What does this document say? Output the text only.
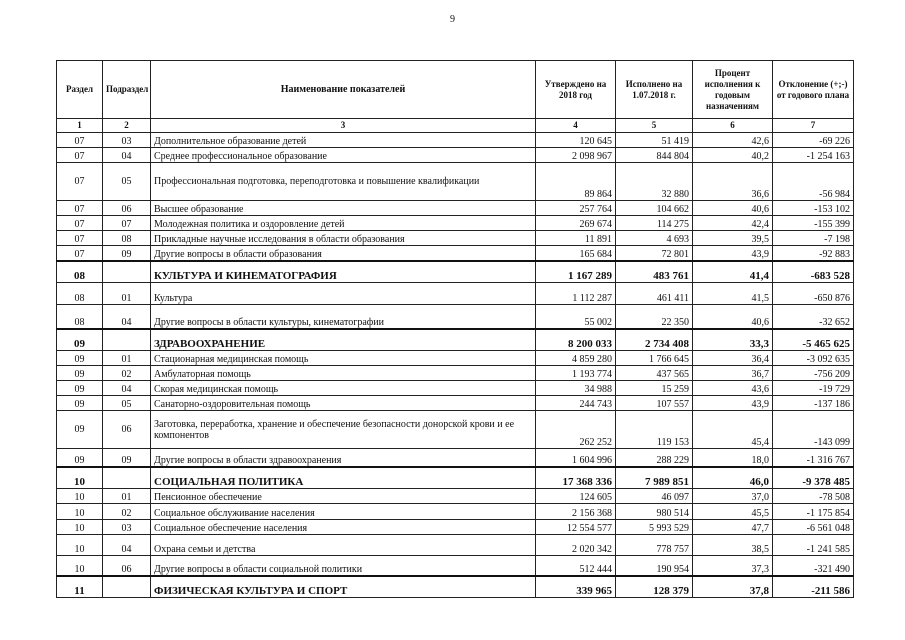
9
Раздел	Подраздел	Наименование показателей	Утверждено на 2018 год	Исполнено на 1.07.2018 г.	Процент исполнения к годовым назначениям	Отклонение (+;-) от годового плана
1	2	3	4	5	6	7
07	03	Дополнительное образование детей	120 645	51 419	42,6	-69 226
07	04	Среднее профессиональное образование	2 098 967	844 804	40,2	-1 254 163
07	05	Профессиональная подготовка, переподготовка и повышение квалификации	89 864	32 880	36,6	-56 984
07	06	Высшее образование	257 764	104 662	40,6	-153 102
07	07	Молодежная политика и оздоровление детей	269 674	114 275	42,4	-155 399
07	08	Прикладные научные исследования в области образования	11 891	4 693	39,5	-7 198
07	09	Другие вопросы в области образования	165 684	72 801	43,9	-92 883
08		КУЛЬТУРА И КИНЕМАТОГРАФИЯ	1 167 289	483 761	41,4	-683 528
08	01	Культура	1 112 287	461 411	41,5	-650 876
08	04	Другие вопросы в области культуры, кинематографии	55 002	22 350	40,6	-32 652
09		ЗДРАВООХРАНЕНИЕ	8 200 033	2 734 408	33,3	-5 465 625
09	01	Стационарная медицинская помощь	4 859 280	1 766 645	36,4	-3 092 635
09	02	Амбулаторная помощь	1 193 774	437 565	36,7	-756 209
09	04	Скорая медицинская помощь	34 988	15 259	43,6	-19 729
09	05	Санаторно-оздоровительная помощь	244 743	107 557	43,9	-137 186
09	06	Заготовка, переработка, хранение и обеспечение безопасности донорской крови и ее компонентов	262 252	119 153	45,4	-143 099
09	09	Другие вопросы в области здравоохранения	1 604 996	288 229	18,0	-1 316 767
10		СОЦИАЛЬНАЯ ПОЛИТИКА	17 368 336	7 989 851	46,0	-9 378 485
10	01	Пенсионное обеспечение	124 605	46 097	37,0	-78 508
10	02	Социальное обслуживание населения	2 156 368	980 514	45,5	-1 175 854
10	03	Социальное обеспечение населения	12 554 577	5 993 529	47,7	-6 561 048
10	04	Охрана семьи и детства	2 020 342	778 757	38,5	-1 241 585
10	06	Другие вопросы в области социальной политики	512 444	190 954	37,3	-321 490
11		ФИЗИЧЕСКАЯ КУЛЬТУРА И СПОРТ	339 965	128 379	37,8	-211 586
